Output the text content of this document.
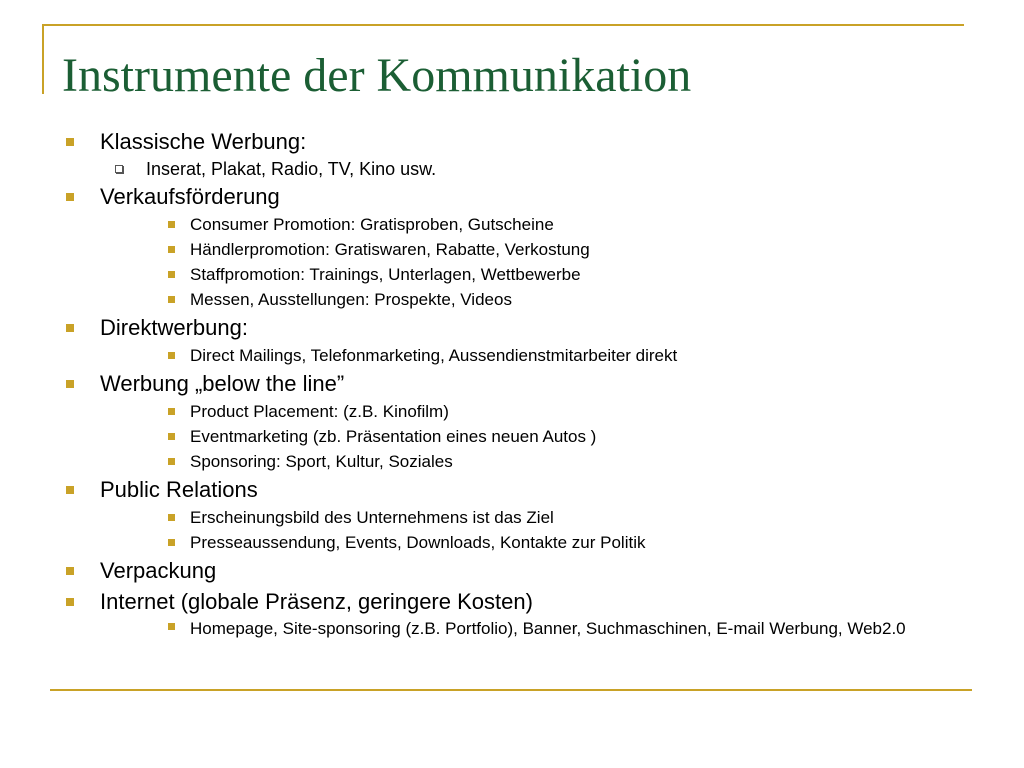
Instrumente der Kommunikation
Klassische Werbung:
Inserat, Plakat, Radio, TV, Kino usw.
Verkaufsförderung
Consumer Promotion: Gratisproben, Gutscheine
Händlerpromotion: Gratiswaren, Rabatte, Verkostung
Staffpromotion: Trainings, Unterlagen, Wettbewerbe
Messen, Ausstellungen: Prospekte, Videos
Direktwerbung:
Direct Mailings, Telefonmarketing, Aussendienstmitarbeiter direkt
Werbung „below the line”
Product Placement: (z.B. Kinofilm)
Eventmarketing (zb. Präsentation eines neuen Autos )
Sponsoring: Sport, Kultur, Soziales
Public Relations
Erscheinungsbild des Unternehmens ist das Ziel
Presseaussendung, Events, Downloads, Kontakte zur Politik
Verpackung
Internet (globale Präsenz, geringere Kosten)
Homepage, Site-sponsoring (z.B. Portfolio), Banner, Suchmaschinen, E-mail Werbung, Web2.0
